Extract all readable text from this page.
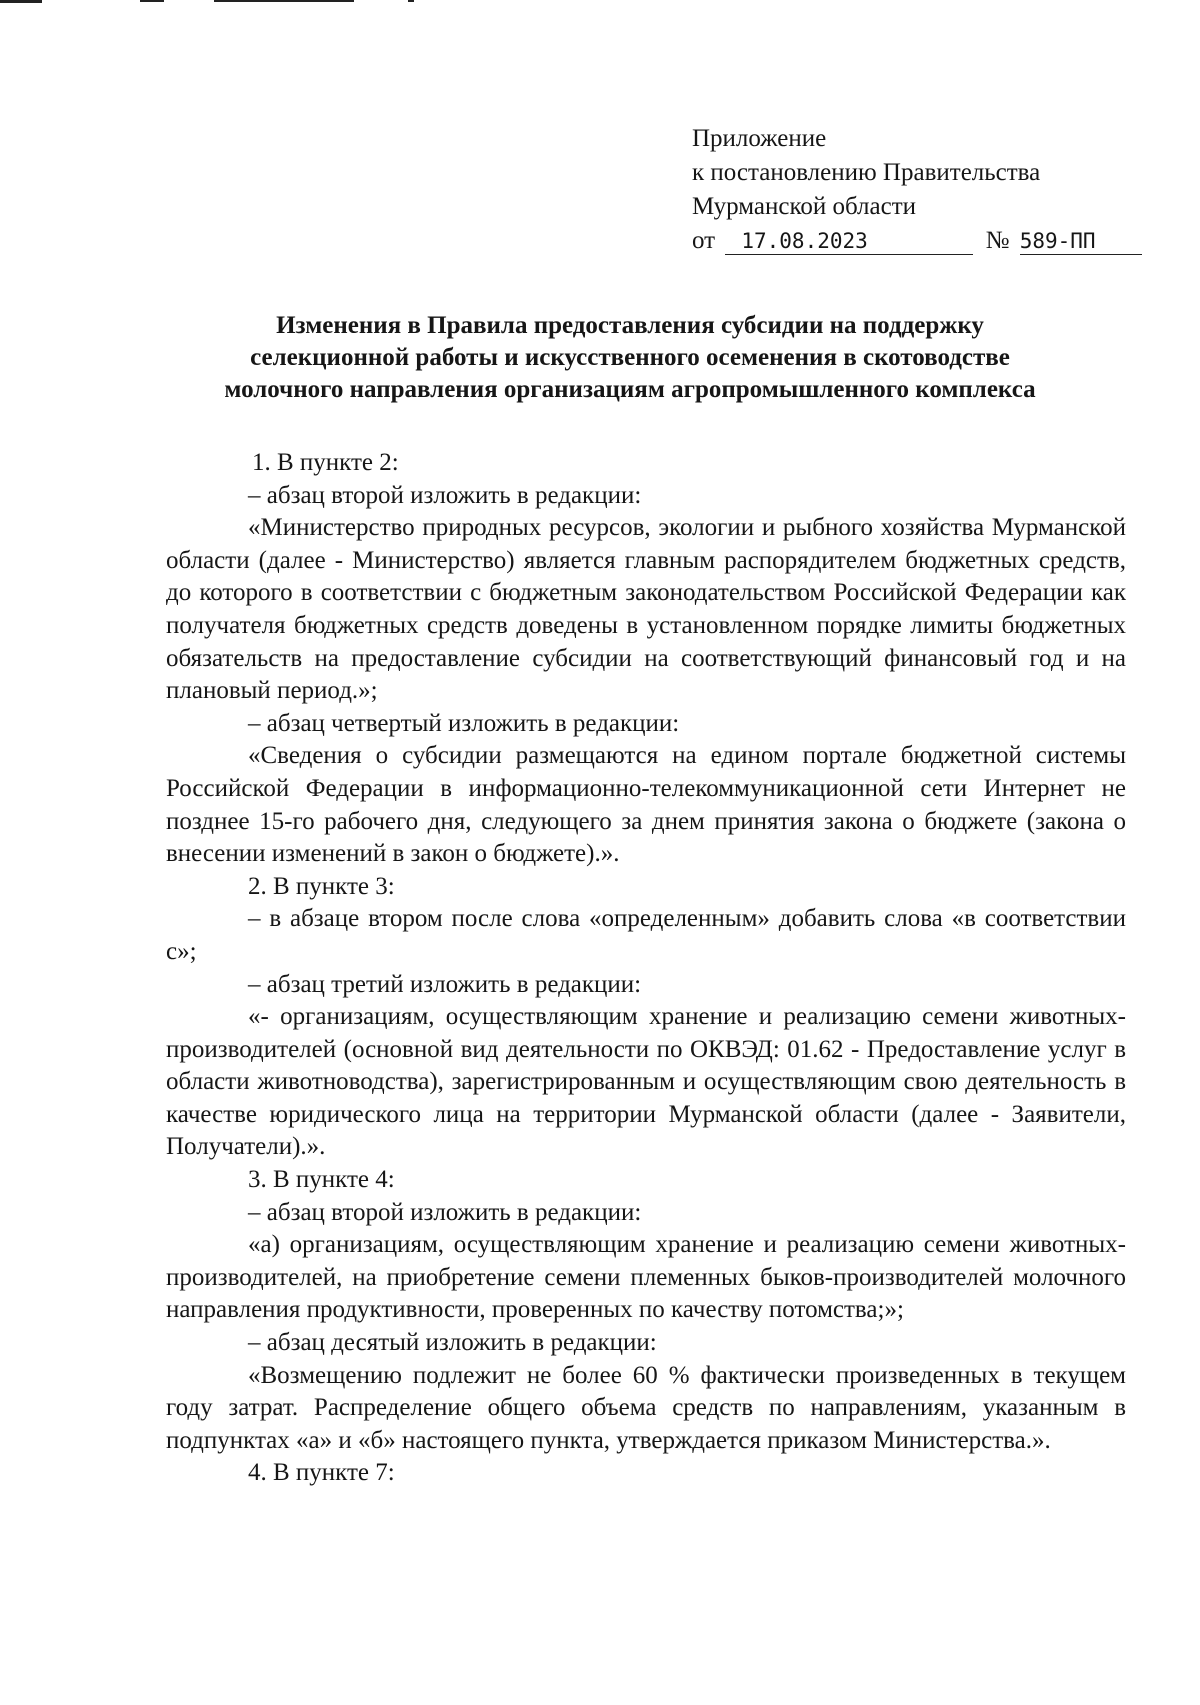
Приложение
к постановлению Правительства
Мурманской области
от 17.08.2023	№ 589-ПП
Изменения в Правила предоставления субсидии на поддержку
селекционной работы и искусственного осеменения в скотоводстве
молочного направления организациям агропромышленного комплекса

1. В пункте 2:

– абзац второй изложить в редакции:

«Министерство природных ресурсов, экологии и рыбного хозяйства Мурманской области (далее - Министерство) является главным распорядителем бюджетных средств, до которого в соответствии с бюджетным законодательством Российской Федерации как получателя бюджетных средств доведены в установленном порядке лимиты бюджетных обязательств на предоставление субсидии на соответствующий финансовый год и на плановый период.»;

– абзац четвертый изложить в редакции:

«Сведения о субсидии размещаются на едином портале бюджетной системы Российской Федерации в информационно-телекоммуникационной сети Интернет не позднее 15-го рабочего дня, следующего за днем принятия закона о бюджете (закона о внесении изменений в закон о бюджете).».

2. В пункте 3:

– в абзаце втором после слова «определенным» добавить слова «в соответствии с»;

– абзац третий изложить в редакции:

«- организациям, осуществляющим хранение и реализацию семени животных-производителей (основной вид деятельности по ОКВЭД: 01.62 - Предоставление услуг в области животноводства), зарегистрированным и осуществляющим свою деятельность в качестве юридического лица на территории Мурманской области (далее - Заявители, Получатели).».

3. В пункте 4:

– абзац второй изложить в редакции:

«а) организациям, осуществляющим хранение и реализацию семени животных-производителей, на приобретение семени племенных быков-производителей молочного направления продуктивности, проверенных по качеству потомства;»;

– абзац десятый изложить в редакции:

«Возмещению подлежит не более 60 % фактически произведенных в текущем году затрат. Распределение общего объема средств по направлениям, указанным в подпунктах «а» и «б» настоящего пункта, утверждается приказом Министерства.».

4. В пункте 7:
